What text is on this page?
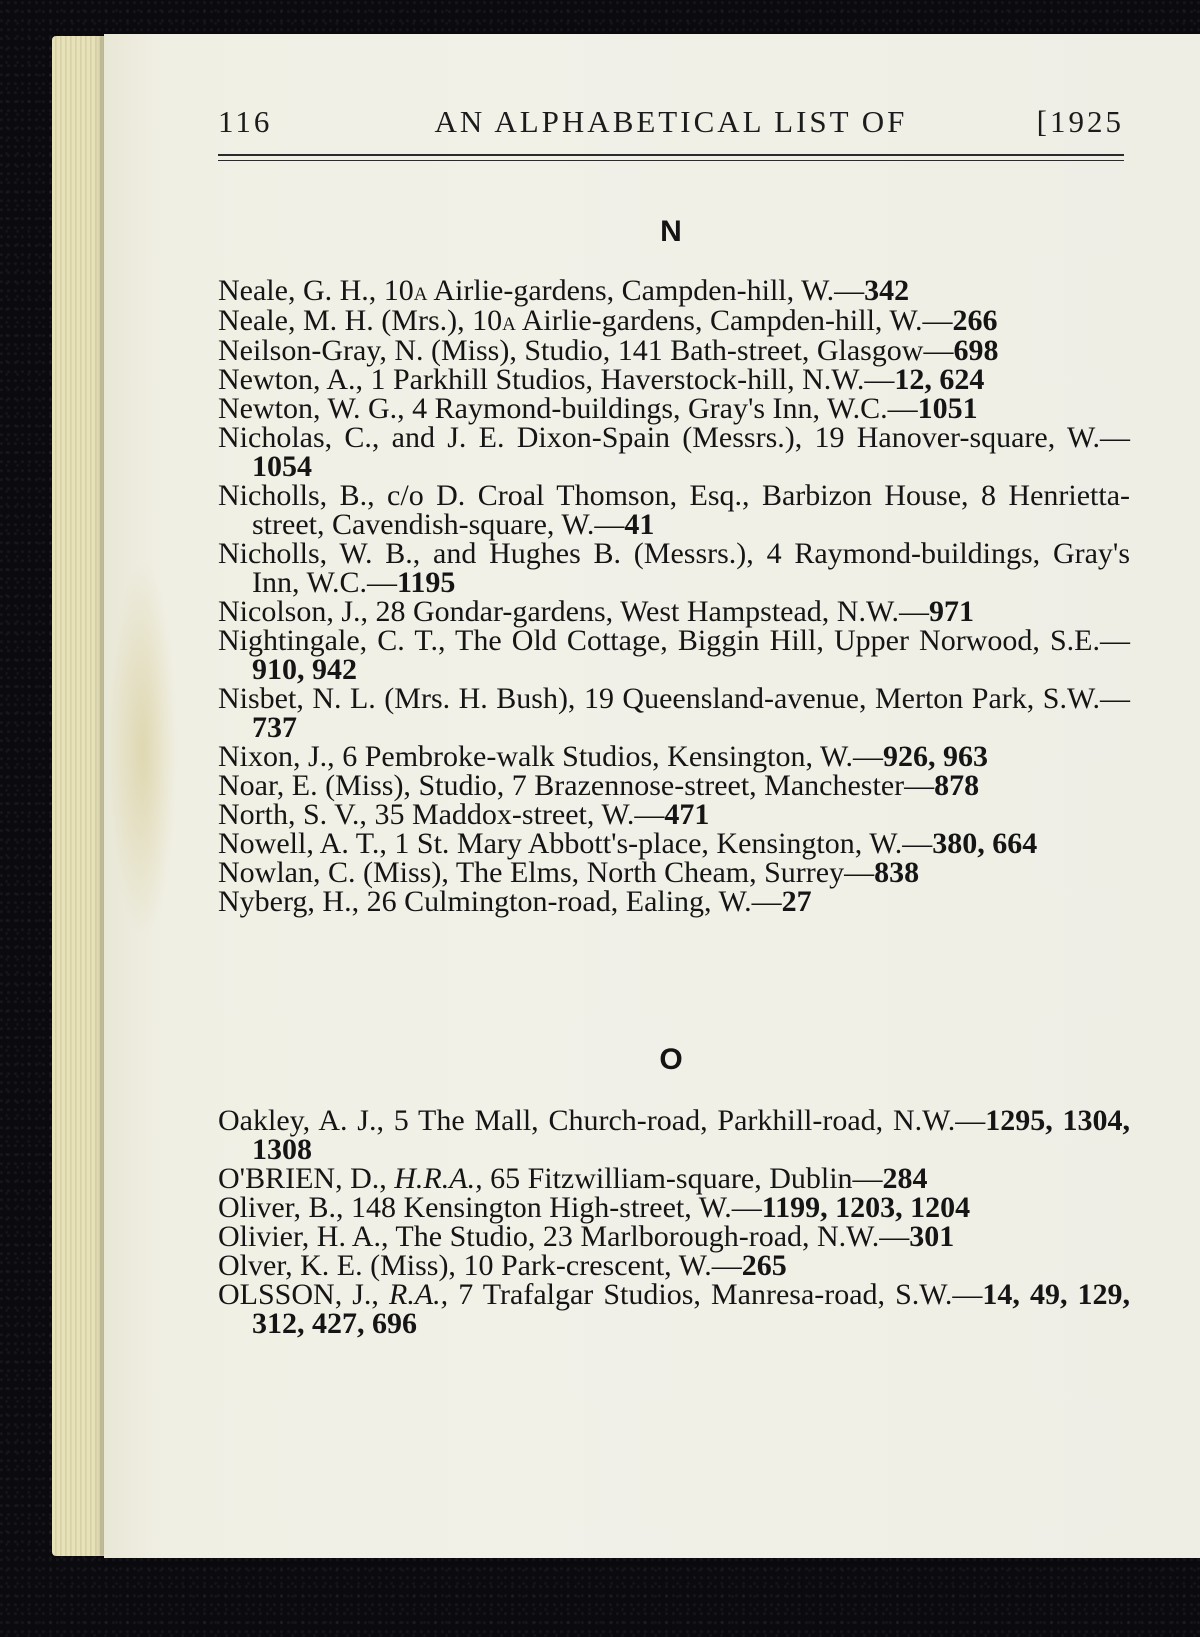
116	AN ALPHABETICAL LIST OF	[1925
N
Neale, G. H., 10a Airlie-gardens, Campden-hill, W.—342
Neale, M. H. (Mrs.), 10a Airlie-gardens, Campden-hill, W.—266
Neilson-Gray, N. (Miss), Studio, 141 Bath-street, Glasgow—698
Newton, A., 1 Parkhill Studios, Haverstock-hill, N.W.—12, 624
Newton, W. G., 4 Raymond-buildings, Gray's Inn, W.C.—1051
Nicholas, C., and J. E. Dixon-Spain (Messrs.), 19 Hanover-square, W.—1054
Nicholls, B., c/o D. Croal Thomson, Esq., Barbizon House, 8 Henrietta-street, Cavendish-square, W.—41
Nicholls, W. B., and Hughes B. (Messrs.), 4 Raymond-buildings, Gray's Inn, W.C.—1195
Nicolson, J., 28 Gondar-gardens, West Hampstead, N.W.—971
Nightingale, C. T., The Old Cottage, Biggin Hill, Upper Norwood, S.E.—910, 942
Nisbet, N. L. (Mrs. H. Bush), 19 Queensland-avenue, Merton Park, S.W.—737
Nixon, J., 6 Pembroke-walk Studios, Kensington, W.—926, 963
Noar, E. (Miss), Studio, 7 Brazennose-street, Manchester—878
North, S. V., 35 Maddox-street, W.—471
Nowell, A. T., 1 St. Mary Abbott's-place, Kensington, W.—380, 664
Nowlan, C. (Miss), The Elms, North Cheam, Surrey—838
Nyberg, H., 26 Culmington-road, Ealing, W.—27
O
Oakley, A. J., 5 The Mall, Church-road, Parkhill-road, N.W.—1295, 1304, 1308
O'BRIEN, D., H.R.A., 65 Fitzwilliam-square, Dublin—284
Oliver, B., 148 Kensington High-street, W.—1199, 1203, 1204
Olivier, H. A., The Studio, 23 Marlborough-road, N.W.—301
Olver, K. E. (Miss), 10 Park-crescent, W.—265
OLSSON, J., R.A., 7 Trafalgar Studios, Manresa-road, S.W.—14, 49, 129, 312, 427, 696
